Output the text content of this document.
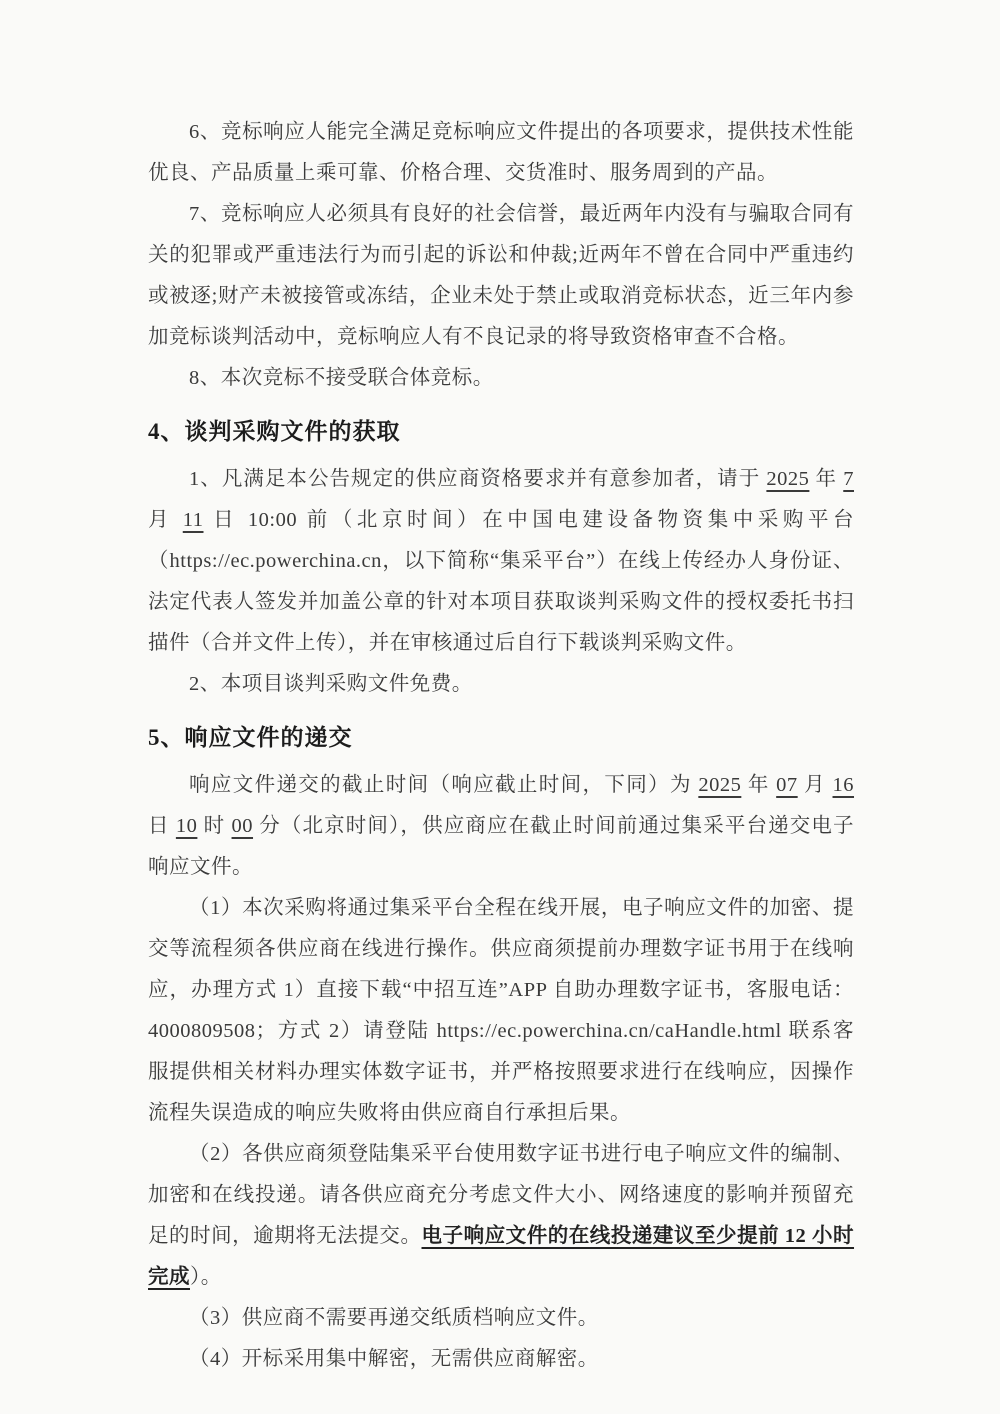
6、竞标响应人能完全满足竞标响应文件提出的各项要求，提供技术性能优良、产品质量上乘可靠、价格合理、交货准时、服务周到的产品。

7、竞标响应人必须具有良好的社会信誉，最近两年内没有与骗取合同有关的犯罪或严重违法行为而引起的诉讼和仲裁;近两年不曾在合同中严重违约或被逐;财产未被接管或冻结，企业未处于禁止或取消竞标状态，近三年内参加竞标谈判活动中，竞标响应人有不良记录的将导致资格审查不合格。

8、本次竞标不接受联合体竞标。

4、谈判采购文件的获取

1、凡满足本公告规定的供应商资格要求并有意参加者，请于 2025 年 7 月 11 日 10:00 前（北京时间）在中国电建设备物资集中采购平台（https://ec.powerchina.cn，以下简称“集采平台”）在线上传经办人身份证、法定代表人签发并加盖公章的针对本项目获取谈判采购文件的授权委托书扫描件（合并文件上传），并在审核通过后自行下载谈判采购文件。

2、本项目谈判采购文件免费。

5、响应文件的递交

响应文件递交的截止时间（响应截止时间，下同）为 2025 年 07 月 16 日 10 时 00 分（北京时间），供应商应在截止时间前通过集采平台递交电子响应文件。

（1）本次采购将通过集采平台全程在线开展，电子响应文件的加密、提交等流程须各供应商在线进行操作。供应商须提前办理数字证书用于在线响应，办理方式 1）直接下载“中招互连”APP 自助办理数字证书，客服电话：4000809508；方式 2）请登陆 https://ec.powerchina.cn/caHandle.html 联系客服提供相关材料办理实体数字证书，并严格按照要求进行在线响应，因操作流程失误造成的响应失败将由供应商自行承担后果。

（2）各供应商须登陆集采平台使用数字证书进行电子响应文件的编制、加密和在线投递。请各供应商充分考虑文件大小、网络速度的影响并预留充足的时间，逾期将无法提交。电子响应文件的在线投递建议至少提前 12 小时完成）。

（3）供应商不需要再递交纸质档响应文件。

（4）开标采用集中解密，无需供应商解密。
